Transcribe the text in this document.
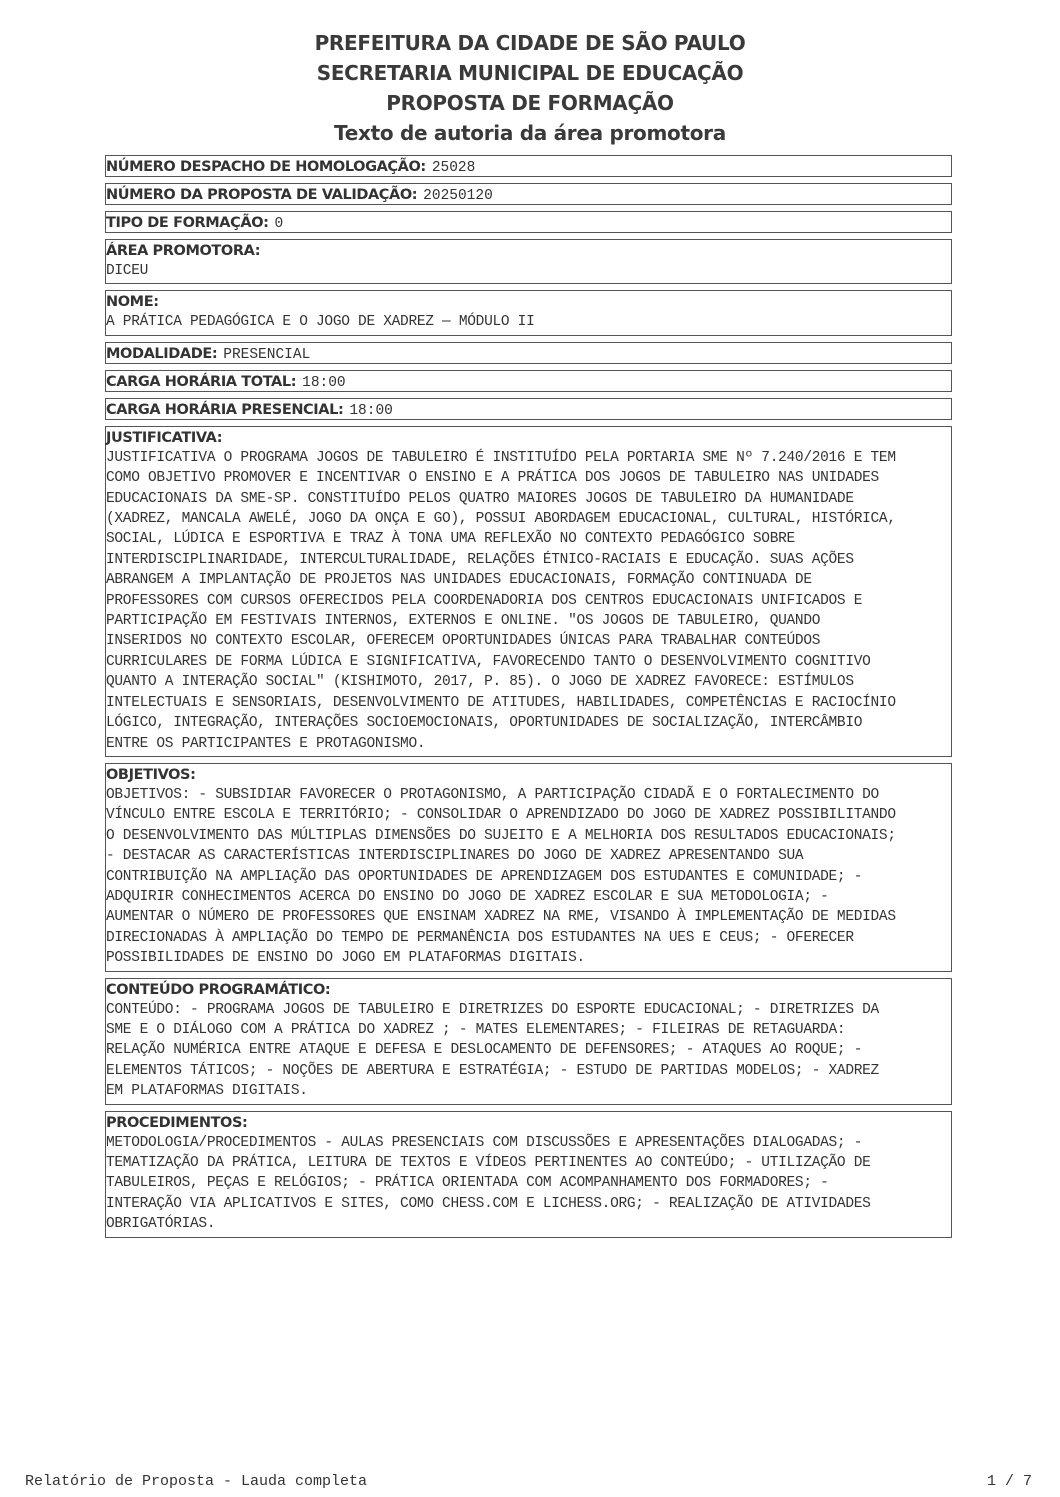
PREFEITURA DA CIDADE DE SÃO PAULO
SECRETARIA MUNICIPAL DE EDUCAÇÃO
PROPOSTA DE FORMAÇÃO
Texto de autoria da área promotora
NÚMERO DESPACHO DE HOMOLOGAÇÃO: 25028
NÚMERO DA PROPOSTA DE VALIDAÇÃO: 20250120
TIPO DE FORMAÇÃO: 0
ÁREA PROMOTORA:
DICEU
NOME:
A PRÁTICA PEDAGÓGICA E O JOGO DE XADREZ — MÓDULO II
MODALIDADE: PRESENCIAL
CARGA HORÁRIA TOTAL: 18:00
CARGA HORÁRIA PRESENCIAL: 18:00
JUSTIFICATIVA:
JUSTIFICATIVA O PROGRAMA JOGOS DE TABULEIRO É INSTITUÍDO PELA PORTARIA SME Nº 7.240/2016 E TEM
COMO OBJETIVO PROMOVER E INCENTIVAR O ENSINO E A PRÁTICA DOS JOGOS DE TABULEIRO NAS UNIDADES
EDUCACIONAIS DA SME-SP. CONSTITUÍDO PELOS QUATRO MAIORES JOGOS DE TABULEIRO DA HUMANIDADE
(XADREZ, MANCALA AWELÉ, JOGO DA ONÇA E GO), POSSUI ABORDAGEM EDUCACIONAL, CULTURAL, HISTÓRICA,
SOCIAL, LÚDICA E ESPORTIVA E TRAZ À TONA UMA REFLEXÃO NO CONTEXTO PEDAGÓGICO SOBRE
INTERDISCIPLINARIDADE, INTERCULTURALIDADE, RELAÇÕES ÉTNICO-RACIAIS E EDUCAÇÃO. SUAS AÇÕES
ABRANGEM A IMPLANTAÇÃO DE PROJETOS NAS UNIDADES EDUCACIONAIS, FORMAÇÃO CONTINUADA DE
PROFESSORES COM CURSOS OFERECIDOS PELA COORDENADORIA DOS CENTROS EDUCACIONAIS UNIFICADOS E
PARTICIPAÇÃO EM FESTIVAIS INTERNOS, EXTERNOS E ONLINE. "OS JOGOS DE TABULEIRO, QUANDO
INSERIDOS NO CONTEXTO ESCOLAR, OFERECEM OPORTUNIDADES ÚNICAS PARA TRABALHAR CONTEÚDOS
CURRICULARES DE FORMA LÚDICA E SIGNIFICATIVA, FAVORECENDO TANTO O DESENVOLVIMENTO COGNITIVO
QUANTO A INTERAÇÃO SOCIAL" (KISHIMOTO, 2017, P. 85). O JOGO DE XADREZ FAVORECE: ESTÍMULOS
INTELECTUAIS E SENSORIAIS, DESENVOLVIMENTO DE ATITUDES, HABILIDADES, COMPETÊNCIAS E RACIOCÍNIO
LÓGICO, INTEGRAÇÃO, INTERAÇÕES SOCIOEMOCIONAIS, OPORTUNIDADES DE SOCIALIZAÇÃO, INTERCÂMBIO
ENTRE OS PARTICIPANTES E PROTAGONISMO.
OBJETIVOS:
OBJETIVOS: - SUBSIDIAR FAVORECER O PROTAGONISMO, A PARTICIPAÇÃO CIDADÃ E O FORTALECIMENTO DO
VÍNCULO ENTRE ESCOLA E TERRITÓRIO; - CONSOLIDAR O APRENDIZADO DO JOGO DE XADREZ POSSIBILITANDO
O DESENVOLVIMENTO DAS MÚLTIPLAS DIMENSÕES DO SUJEITO E A MELHORIA DOS RESULTADOS EDUCACIONAIS;
- DESTACAR AS CARACTERÍSTICAS INTERDISCIPLINARES DO JOGO DE XADREZ APRESENTANDO SUA
CONTRIBUIÇÃO NA AMPLIAÇÃO DAS OPORTUNIDADES DE APRENDIZAGEM DOS ESTUDANTES E COMUNIDADE; -
ADQUIRIR CONHECIMENTOS ACERCA DO ENSINO DO JOGO DE XADREZ ESCOLAR E SUA METODOLOGIA; -
AUMENTAR O NÚMERO DE PROFESSORES QUE ENSINAM XADREZ NA RME, VISANDO À IMPLEMENTAÇÃO DE MEDIDAS
DIRECIONADAS À AMPLIAÇÃO DO TEMPO DE PERMANÊNCIA DOS ESTUDANTES NA UES E CEUS; - OFERECER
POSSIBILIDADES DE ENSINO DO JOGO EM PLATAFORMAS DIGITAIS.
CONTEÚDO PROGRAMÁTICO:
CONTEÚDO: - PROGRAMA JOGOS DE TABULEIRO E DIRETRIZES DO ESPORTE EDUCACIONAL; - DIRETRIZES DA
SME E O DIÁLOGO COM A PRÁTICA DO XADREZ ; - MATES ELEMENTARES; - FILEIRAS DE RETAGUARDA:
RELAÇÃO NUMÉRICA ENTRE ATAQUE E DEFESA E DESLOCAMENTO DE DEFENSORES; - ATAQUES AO ROQUE; -
ELEMENTOS TÁTICOS; - NOÇÕES DE ABERTURA E ESTRATÉGIA; - ESTUDO DE PARTIDAS MODELOS; - XADREZ
EM PLATAFORMAS DIGITAIS.
PROCEDIMENTOS:
METODOLOGIA/PROCEDIMENTOS - AULAS PRESENCIAIS COM DISCUSSÕES E APRESENTAÇÕES DIALOGADAS; -
TEMATIZAÇÃO DA PRÁTICA, LEITURA DE TEXTOS E VÍDEOS PERTINENTES AO CONTEÚDO; - UTILIZAÇÃO DE
TABULEIROS, PEÇAS E RELÓGIOS; - PRÁTICA ORIENTADA COM ACOMPANHAMENTO DOS FORMADORES; -
INTERAÇÃO VIA APLICATIVOS E SITES, COMO CHESS.COM E LICHESS.ORG; - REALIZAÇÃO DE ATIVIDADES
OBRIGATÓRIAS.
Relatório de Proposta - Lauda completa	1 / 7
